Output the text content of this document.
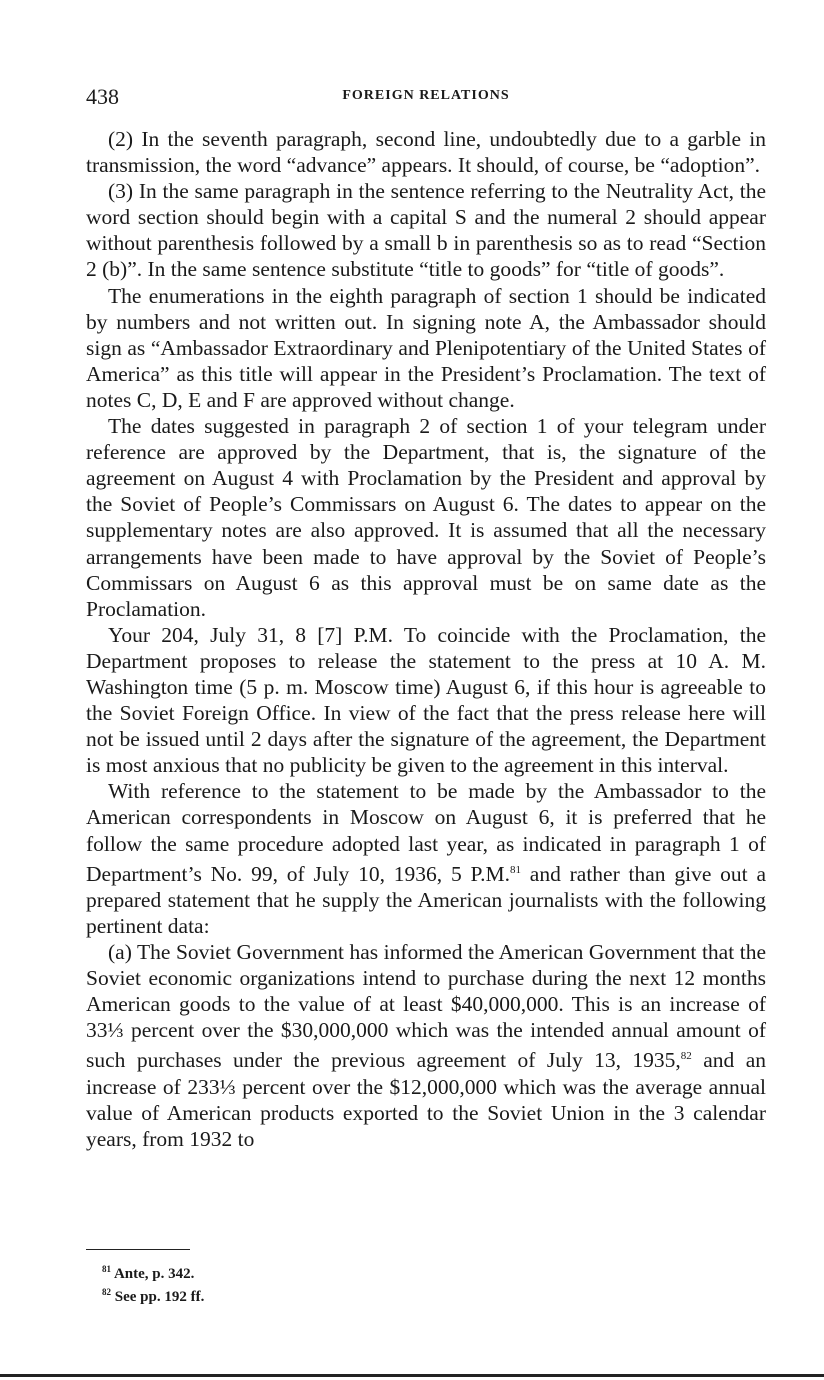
438	FOREIGN RELATIONS

(2) In the seventh paragraph, second line, undoubtedly due to a garble in transmission, the word “advance” appears. It should, of course, be “adoption”.

(3) In the same paragraph in the sentence referring to the Neutrality Act, the word section should begin with a capital S and the numeral 2 should appear without parenthesis followed by a small b in parenthesis so as to read “Section 2 (b)”. In the same sentence substitute “title to goods” for “title of goods”.

The enumerations in the eighth paragraph of section 1 should be indicated by numbers and not written out. In signing note A, the Ambassador should sign as “Ambassador Extraordinary and Plenipotentiary of the United States of America” as this title will appear in the President’s Proclamation. The text of notes C, D, E and F are approved without change.

The dates suggested in paragraph 2 of section 1 of your telegram under reference are approved by the Department, that is, the signature of the agreement on August 4 with Proclamation by the President and approval by the Soviet of People’s Commissars on August 6. The dates to appear on the supplementary notes are also approved. It is assumed that all the necessary arrangements have been made to have approval by the Soviet of People’s Commissars on August 6 as this approval must be on same date as the Proclamation.

Your 204, July 31, 8 [7] P.M. To coincide with the Proclamation, the Department proposes to release the statement to the press at 10 A. M. Washington time (5 p. m. Moscow time) August 6, if this hour is agreeable to the Soviet Foreign Office. In view of the fact that the press release here will not be issued until 2 days after the signature of the agreement, the Department is most anxious that no publicity be given to the agreement in this interval.

With reference to the statement to be made by the Ambassador to the American correspondents in Moscow on August 6, it is preferred that he follow the same procedure adopted last year, as indicated in paragraph 1 of Department’s No. 99, of July 10, 1936, 5 P.M.$^{81}$ and rather than give out a prepared statement that he supply the American journalists with the following pertinent data:

(a) The Soviet Government has informed the American Government that the Soviet economic organizations intend to purchase during the next 12 months American goods to the value of at least $40,000,000. This is an increase of 33⅓ percent over the $30,000,000 which was the intended annual amount of such purchases under the previous agreement of July 13, 1935,82 and an increase of 233⅓ percent over the $12,000,000 which was the average annual value of American products exported to the Soviet Union in the 3 calendar years, from 1932 to

$^{81}$ Ante, p. 342.
$^{82}$ See pp. 192 ff.
